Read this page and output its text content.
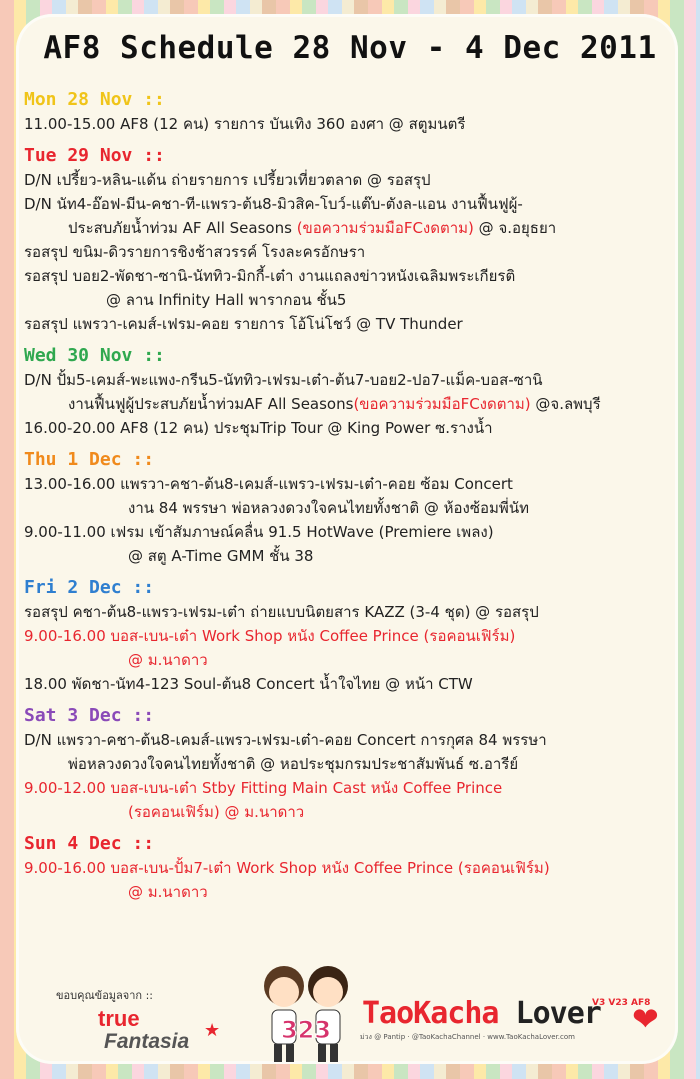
AF8 Schedule 28 Nov - 4 Dec 2011
Mon 28 Nov ::
11.00-15.00 AF8 (12 คน) รายการ บันเทิง 360 องศา @ สตูมนตรี
Tue 29 Nov ::
D/N เปรี้ยว-หลิน-แด้น ถ่ายรายการ เปรี้ยวเที่ยวตลาด @ รอสรุป
D/N นัท4-อ๊อฟ-มีน-คชา-ที-แพรว-ต้น8-มิวสิค-โบว์-แต๊บ-ตังล-แอน งานฟื้นฟูผู้-
ประสบภัยน้ำท่วม AF All Seasons (ขอความร่วมมือFCงดตาม) @ จ.อยุธยา
รอสรุป ขนิม-ดิวรายการชิงช้าสวรรค์ โรงละครอักษรา
รอสรุป บอย2-พัดชา-ซานิ-นัททิว-มิกกี้-เต๋า งานแถลงข่าวหนังเฉลิมพระเกียรติ
@ ลาน Infinity Hall พารากอน ชั้น5
รอสรุป แพรวา-เคมส์-เฟรม-คอย รายการ โอ้โน่โชว์ @ TV Thunder
Wed 30 Nov ::
D/N ปั้ม5-เคมส์-พะแพง-กรีน5-นัททิว-เฟรม-เต๋า-ต้น7-บอย2-ปอ7-แม็ค-บอส-ซานิ
งานฟื้นฟูผู้ประสบภัยน้ำท่วมAF All Seasons(ขอความร่วมมือFCงดตาม) @จ.ลพบุรี
16.00-20.00 AF8 (12 คน) ประชุมTrip Tour @ King Power ซ.รางน้ำ
Thu 1 Dec ::
13.00-16.00 แพรวา-คชา-ต้น8-เคมส์-แพรว-เฟรม-เต๋า-คอย ซ้อม Concert
งาน 84 พรรษา พ่อหลวงดวงใจคนไทยทั้งชาติ @ ห้องซ้อมพี่นัท
9.00-11.00 เฟรม เข้าสัมภาษณ์คลื่น 91.5 HotWave (Premiere เพลง)
@ สตู A-Time GMM ชั้น 38
Fri 2 Dec ::
รอสรุป คชา-ต้น8-แพรว-เฟรม-เต๋า ถ่ายแบบนิตยสาร KAZZ (3-4 ชุด) @ รอสรุป
9.00-16.00 บอส-เบน-เต๋า Work Shop หนัง Coffee Prince (รอคอนเฟิร์ม)
@ ม.นาดาว
18.00 พัดชา-นัท4-123 Soul-ต้น8 Concert น้ำใจไทย @ หน้า CTW
Sat 3 Dec ::
D/N แพรวา-คชา-ต้น8-เคมส์-แพรว-เฟรม-เต๋า-คอย Concert การกุศล 84 พรรษา
พ่อหลวงดวงใจคนไทยทั้งชาติ @ หอประชุมกรมประชาสัมพันธ์ ซ.อารีย์
9.00-12.00 บอส-เบน-เต๋า Stby Fitting Main Cast หนัง Coffee Prince
(รอคอนเฟิร์ม) @ ม.นาดาว
Sun 4 Dec ::
9.00-16.00 บอส-เบน-ปั้ม7-เต๋า Work Shop หนัง Coffee Prince (รอคอนเฟิร์ม)
@ ม.นาดาว
ขอบคุณข้อมูลจาก ::
true
Fantasia ★	323
V3 V23 AF8
TaoKacha Lover ❤
ม่วง @ Pantip · @TaoKachaChannel · www.TaoKachaLover.com
